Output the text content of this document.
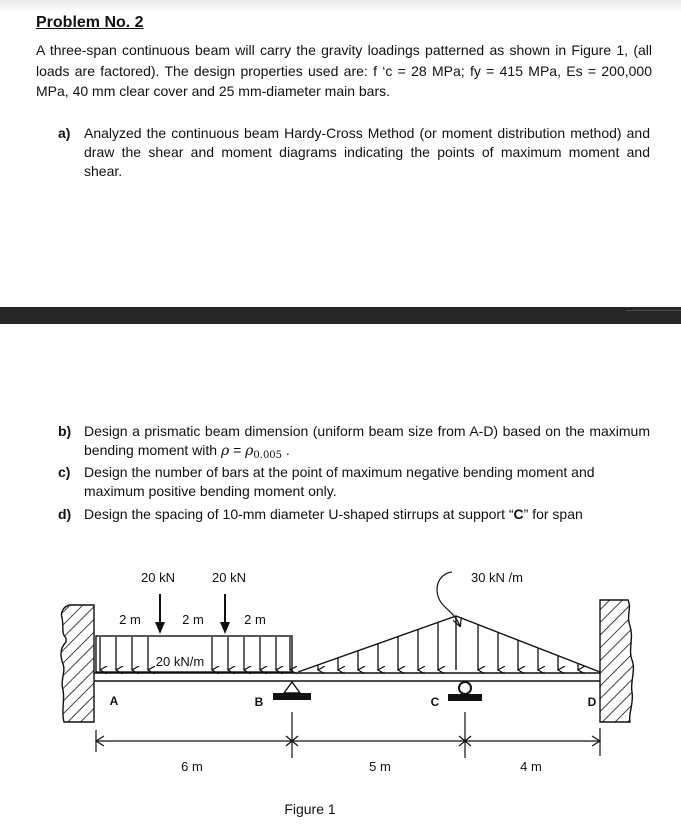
Problem No. 2

A three-span continuous beam will carry the gravity loadings patterned as shown in Figure 1, (all loads are factored). The design properties used are: f ‘c = 28 MPa; fy = 415 MPa, Es = 200,000 MPa, 40 mm clear cover and 25 mm-diameter main bars.

a) Analyzed the continuous beam Hardy-Cross Method (or moment distribution method) and draw the shear and moment diagrams indicating the points of maximum moment and shear.
b) Design a prismatic beam dimension (uniform beam size from A-D) based on the maximum bending moment with $\rho = \rho_{0.005}$ .
c) Design the number of bars at the point of maximum negative bending moment and maximum positive bending moment only.
d) Design the spacing of 10-mm diameter U-shaped stirrups at support “C” for span
20 kN	20 kN	30 kN /m
2 m	2 m	2 m
20 kN/m
A	B	C	D
6 m	5 m	4 m
Figure 1
